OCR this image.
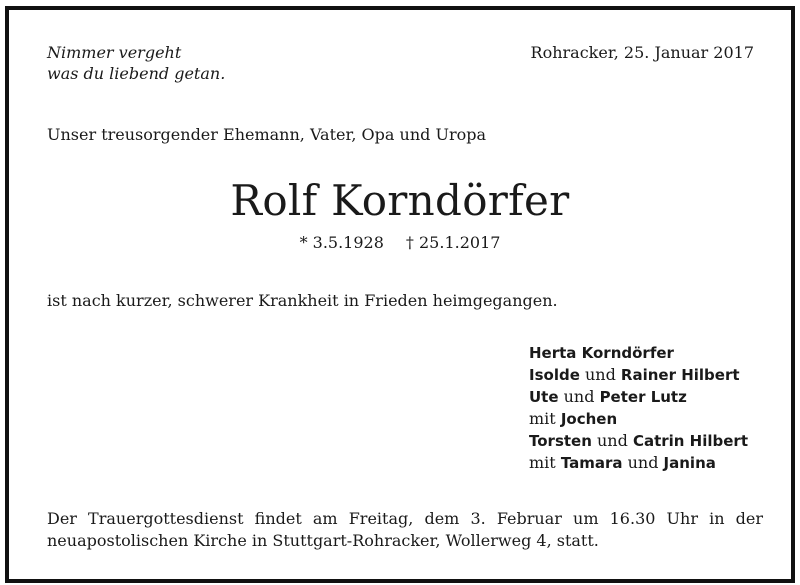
Nimmer vergeht
was du liebend getan.
Rohracker, 25. Januar 2017
Unser treusorgender Ehemann, Vater, Opa und Uropa
Rolf Korndörfer
* 3.5.1928 † 25.1.2017
ist nach kurzer, schwerer Krankheit in Frieden heimgegangen.
Herta Korndörfer
Isolde und Rainer Hilbert
Ute und Peter Lutz
mit Jochen
Torsten und Catrin Hilbert
mit Tamara und Janina
Der Trauergottesdienst findet am Freitag, dem 3. Februar um 16.30 Uhr in der
neuapostolischen Kirche in Stuttgart-Rohracker, Wollerweg 4, statt.
